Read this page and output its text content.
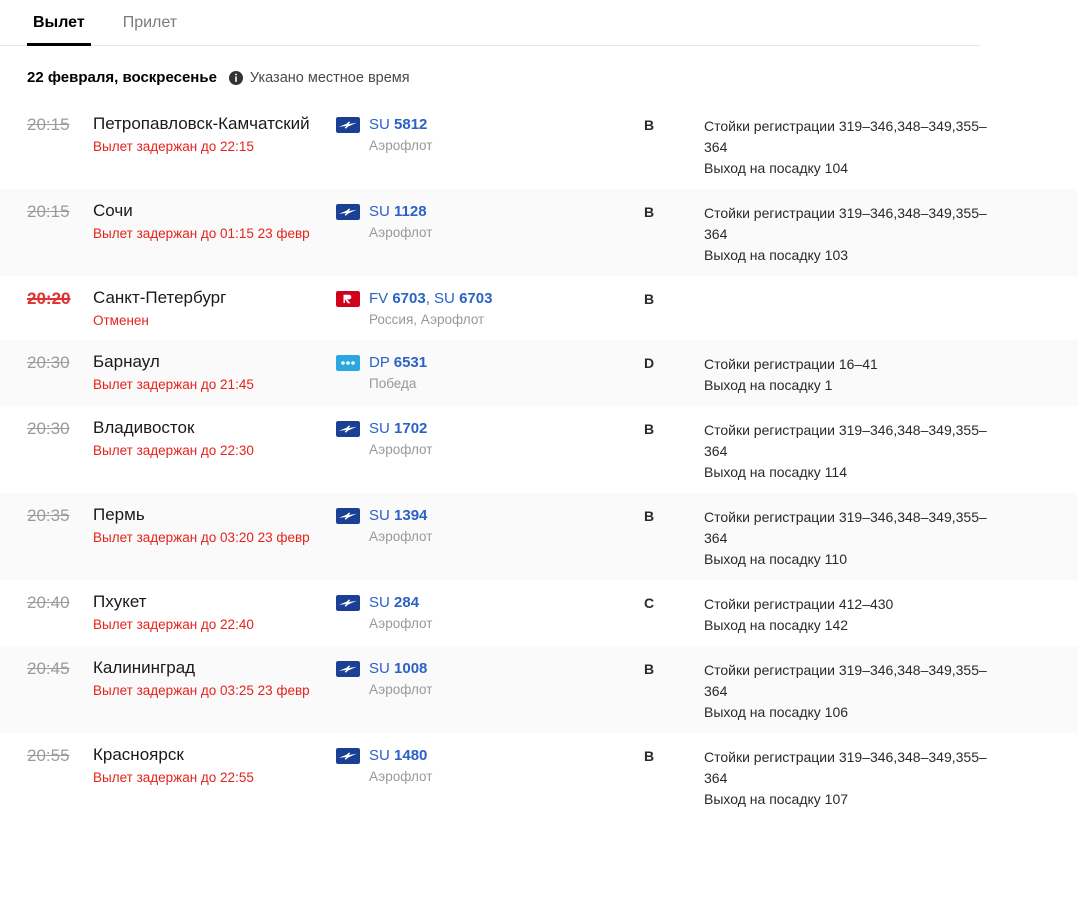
Вылет	Прилет
22 февраля, воскресенье Указано местное время
20:15	Петропавловск-Камчатский
Вылет задержан до 22:15
SU 5812
Аэрофлот
B	Стойки регистрации 319–346,348–349,355–364
Выход на посадку 104
20:15	Сочи
Вылет задержан до 01:15 23 февр
SU 1128
Аэрофлот
B	Стойки регистрации 319–346,348–349,355–364
Выход на посадку 103
20:20	Санкт-Петербург
Отменен
FV 6703, SU 6703
Россия, Аэрофлот
B
20:30	Барнаул
Вылет задержан до 21:45
DP 6531
Победа
D	Стойки регистрации 16–41
Выход на посадку 1
20:30	Владивосток
Вылет задержан до 22:30
SU 1702
Аэрофлот
B	Стойки регистрации 319–346,348–349,355–364
Выход на посадку 114
20:35	Пермь
Вылет задержан до 03:20 23 февр
SU 1394
Аэрофлот
B	Стойки регистрации 319–346,348–349,355–364
Выход на посадку 110
20:40	Пхукет
Вылет задержан до 22:40
SU 284
Аэрофлот
C	Стойки регистрации 412–430
Выход на посадку 142
20:45	Калининград
Вылет задержан до 03:25 23 февр
SU 1008
Аэрофлот
B	Стойки регистрации 319–346,348–349,355–364
Выход на посадку 106
20:55	Красноярск
Вылет задержан до 22:55
SU 1480
Аэрофлот
B	Стойки регистрации 319–346,348–349,355–364
Выход на посадку 107
